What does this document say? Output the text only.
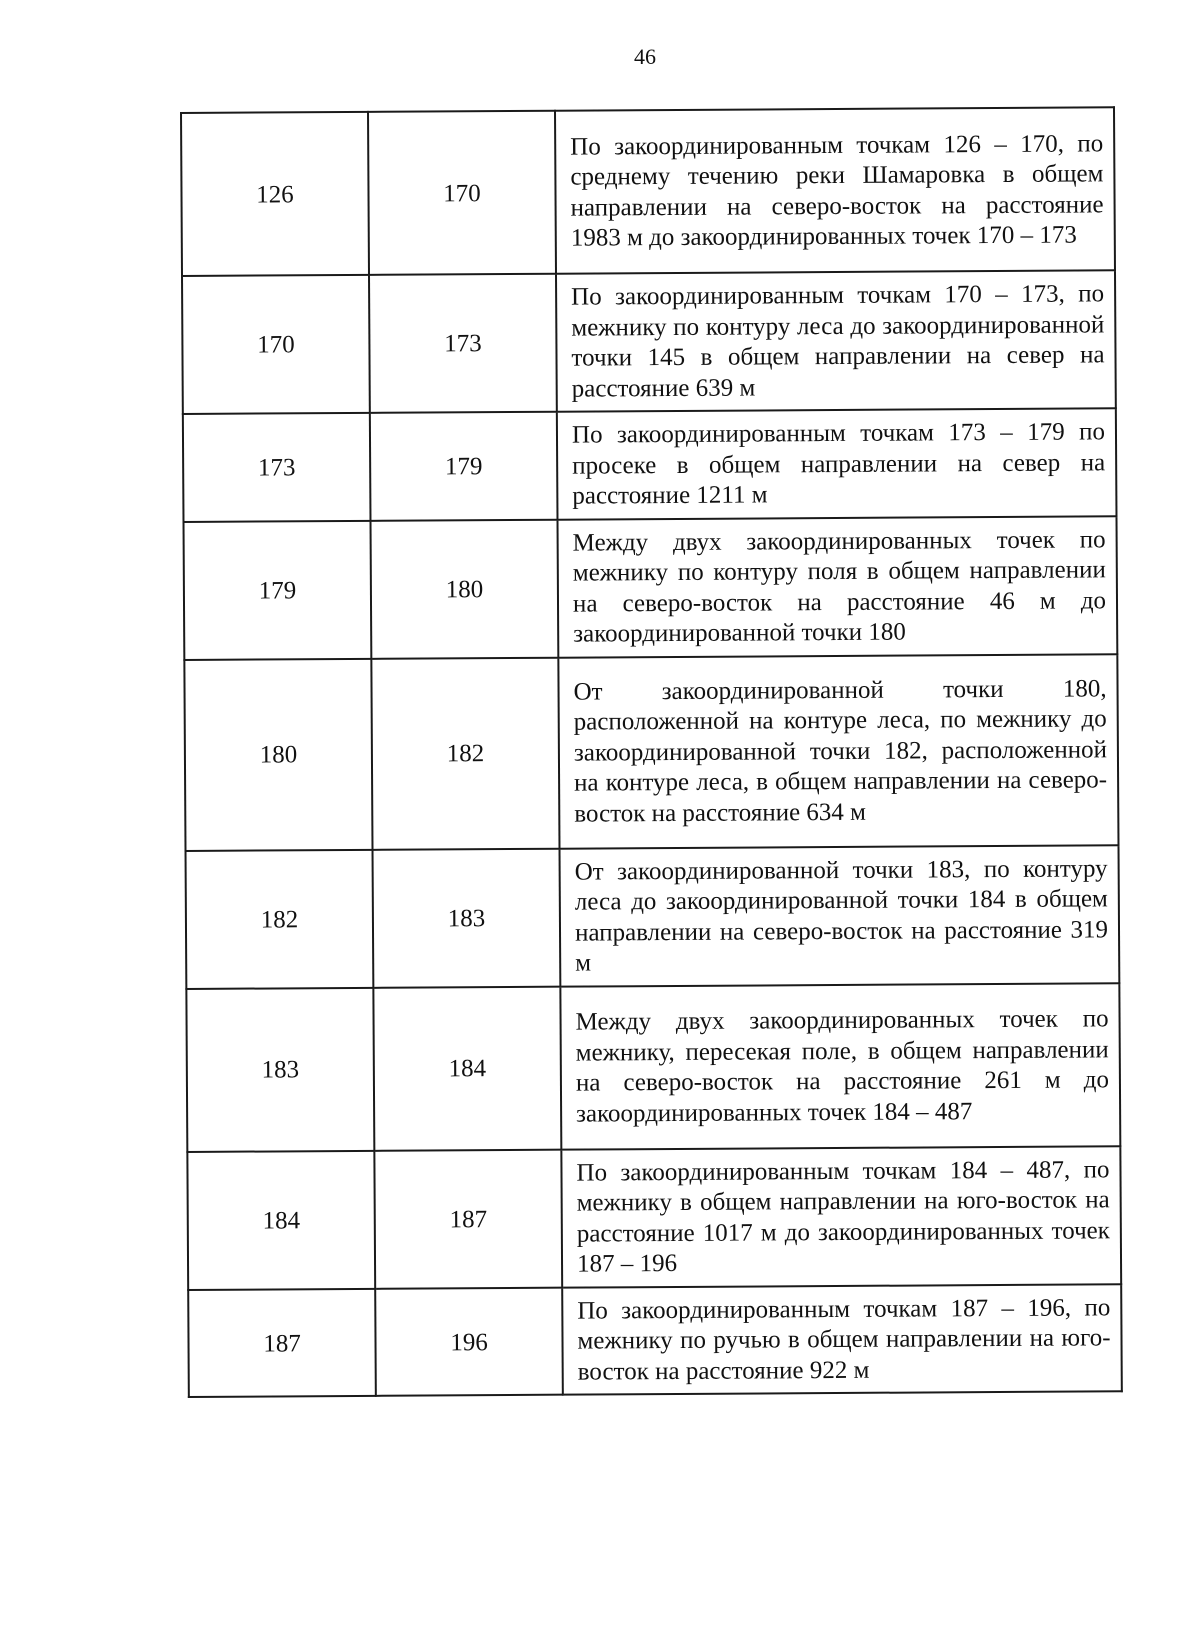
46
126	170	По закоординированным точкам 126 – 170, по среднему течению реки Шамаровка в общем направлении на северо-восток на расстояние 1983 м до закоординированных точек 170 – 173
170	173	По закоординированным точкам 170 – 173, по межнику по контуру леса до закоординированной точки 145 в общем направлении на север на расстояние 639 м
173	179	По закоординированным точкам 173 – 179 по просеке в общем направлении на север на расстояние 1211 м
179	180	Между двух закоординированных точек по межнику по контуру поля в общем направлении на северо-восток на расстояние 46 м до закоординированной точки 180
180	182	От закоординированной точки 180, расположенной на контуре леса, по межнику до закоординированной точки 182, расположенной на контуре леса, в общем направлении на северо-восток на расстояние 634 м
182	183	От закоординированной точки 183, по контуру леса до закоординированной точки 184 в общем направлении на северо-восток на расстояние 319 м
183	184	Между двух закоординированных точек по межнику, пересекая поле, в общем направлении на северо-восток на расстояние 261 м до закоординированных точек 184 – 487
184	187	По закоординированным точкам 184 – 487, по межнику в общем направлении на юго-восток на расстояние 1017 м до закоординированных точек 187 – 196
187	196	По закоординированным точкам 187 – 196, по межнику по ручью в общем направлении на юго-восток на расстояние 922 м
